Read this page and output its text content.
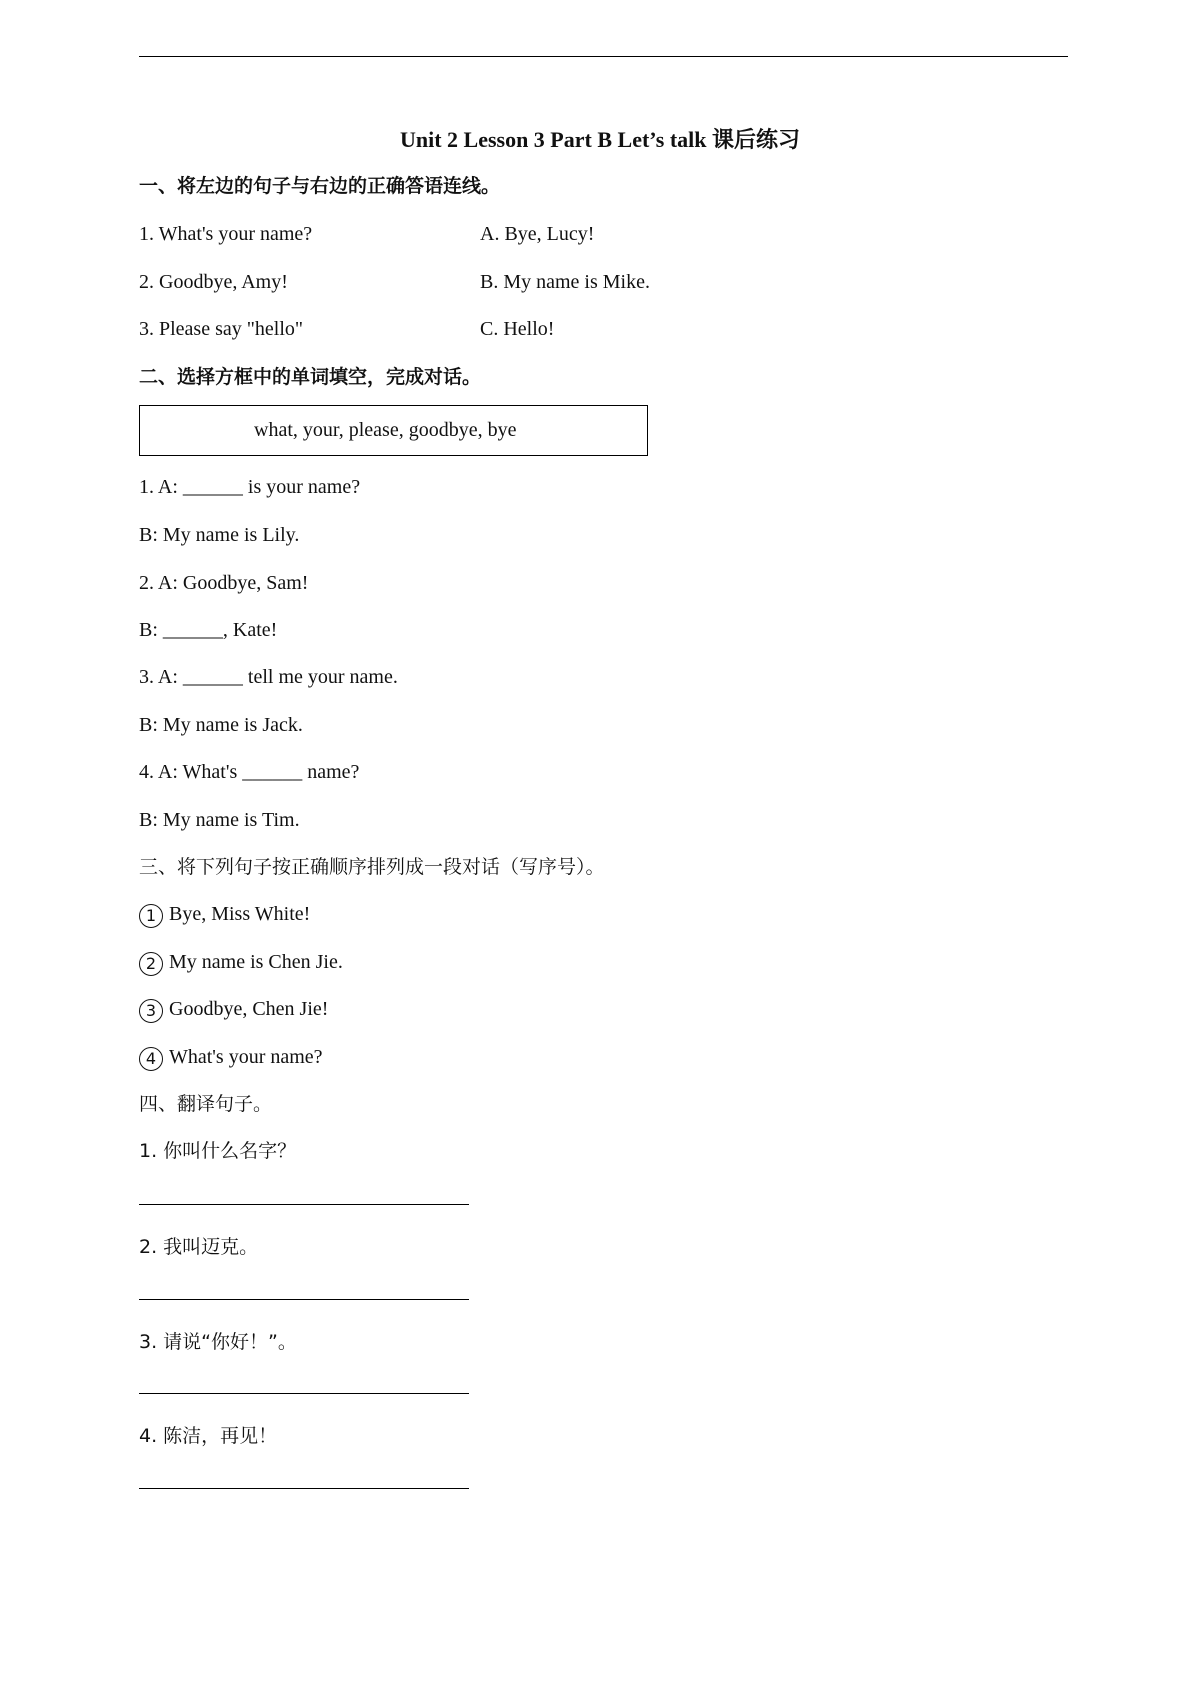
Unit 2 Lesson 3 Part B Let’s talk 课后练习
一、将左边的句子与右边的正确答语连线。
1. What's your name?	A. Bye, Lucy!
2. Goodbye, Amy!	B. My name is Mike.
3. Please say "hello"	C. Hello!
二、选择方框中的单词填空，完成对话。
what, your, please, goodbye, bye
1. A: ______ is your name?
B: My name is Lily.
2. A: Goodbye, Sam!
B: ______, Kate!
3. A: ______ tell me your name.
B: My name is Jack.
4. A: What's ______ name?
B: My name is Tim.
三、将下列句子按正确顺序排列成一段对话（写序号）。
1 Bye, Miss White!
2 My name is Chen Jie.
3 Goodbye, Chen Jie!
4 What's your name?
四、翻译句子。
1. 你叫什么名字？
2. 我叫迈克。
3. 请说“你好！”。
4. 陈洁，再见！
